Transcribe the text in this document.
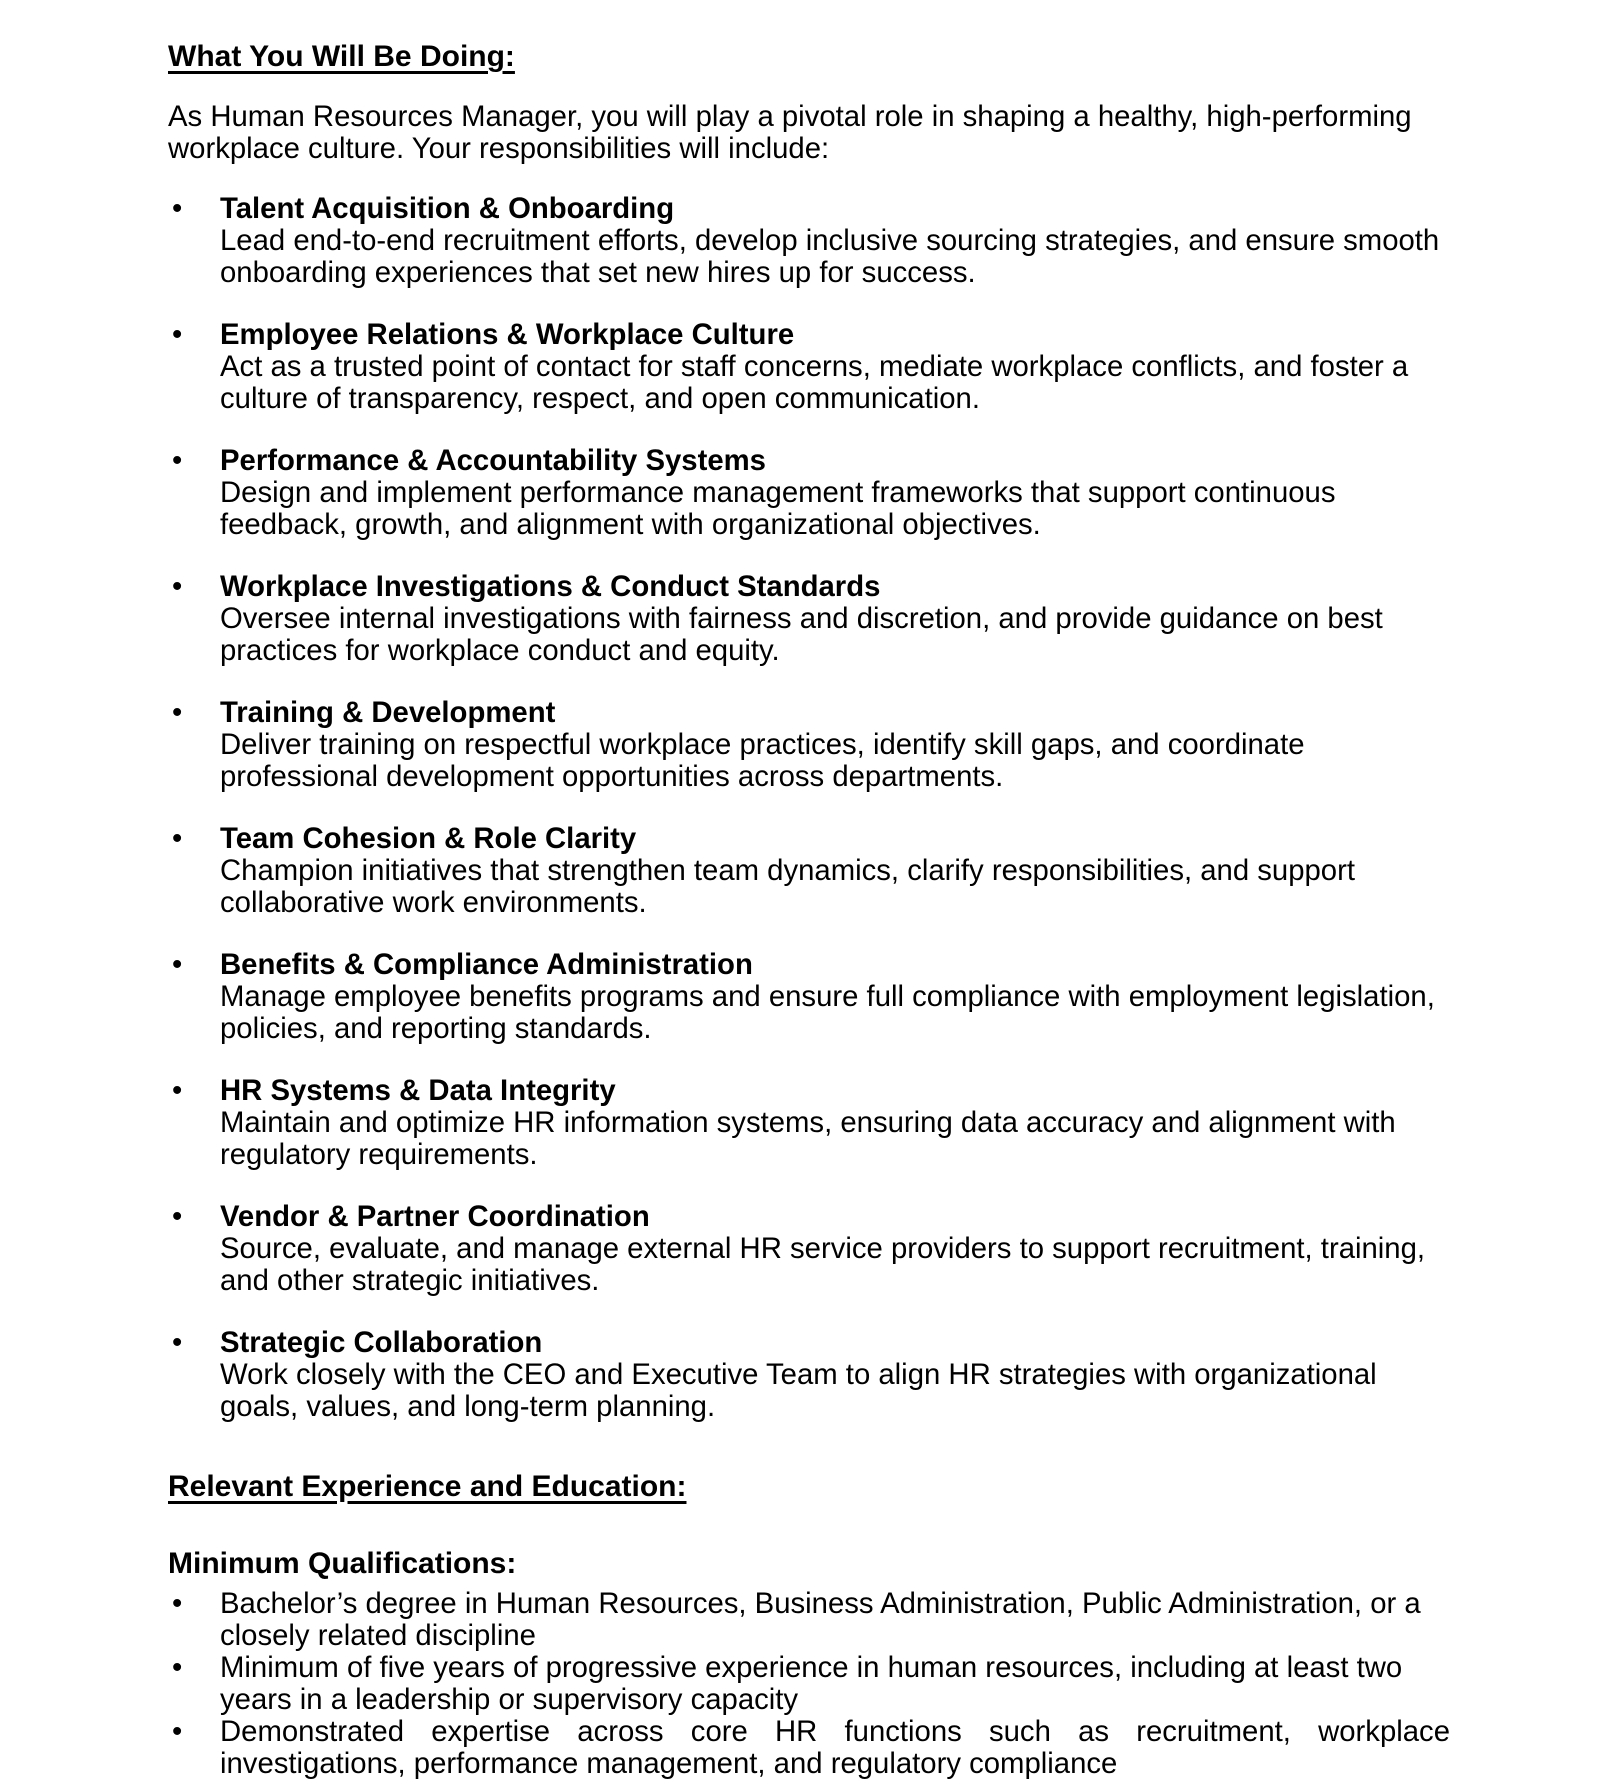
What You Will Be Doing:

As Human Resources Manager, you will play a pivotal role in shaping a healthy, high-performing workplace culture. Your responsibilities will include:

• Talent Acquisition & Onboarding
Lead end-to-end recruitment efforts, develop inclusive sourcing strategies, and ensure smooth onboarding experiences that set new hires up for success.
• Employee Relations & Workplace Culture
Act as a trusted point of contact for staff concerns, mediate workplace conflicts, and foster a culture of transparency, respect, and open communication.
• Performance & Accountability Systems
Design and implement performance management frameworks that support continuous feedback, growth, and alignment with organizational objectives.
• Workplace Investigations & Conduct Standards
Oversee internal investigations with fairness and discretion, and provide guidance on best practices for workplace conduct and equity.
• Training & Development
Deliver training on respectful workplace practices, identify skill gaps, and coordinate professional development opportunities across departments.
• Team Cohesion & Role Clarity
Champion initiatives that strengthen team dynamics, clarify responsibilities, and support collaborative work environments.
• Benefits & Compliance Administration
Manage employee benefits programs and ensure full compliance with employment legislation, policies, and reporting standards.
• HR Systems & Data Integrity
Maintain and optimize HR information systems, ensuring data accuracy and alignment with regulatory requirements.
• Vendor & Partner Coordination
Source, evaluate, and manage external HR service providers to support recruitment, training, and other strategic initiatives.
• Strategic Collaboration
Work closely with the CEO and Executive Team to align HR strategies with organizational goals, values, and long-term planning.

Relevant Experience and Education:

Minimum Qualifications:

• Bachelor’s degree in Human Resources, Business Administration, Public Administration, or a closely related discipline
• Minimum of five years of progressive experience in human resources, including at least two years in a leadership or supervisory capacity
• Demonstrated expertise across core HR functions such as recruitment, workplace investigations, performance management, and regulatory compliance
